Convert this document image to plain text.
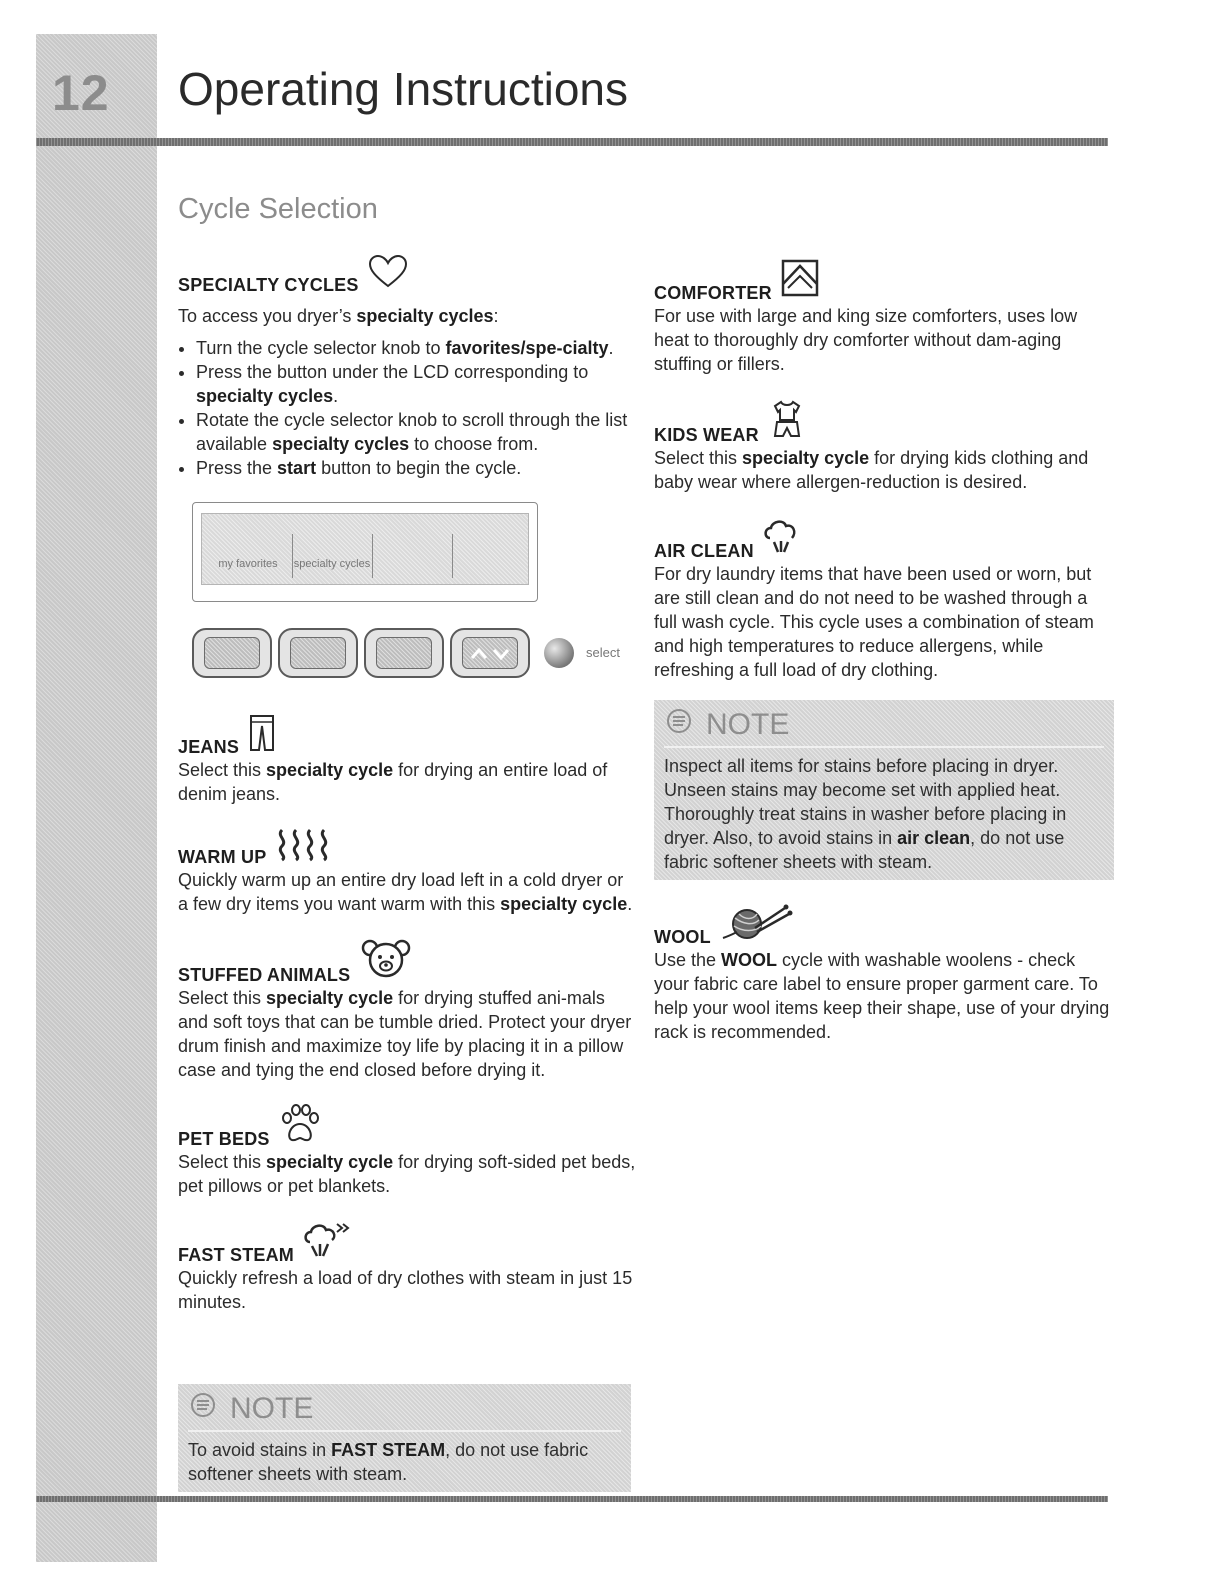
12 Operating Instructions
Cycle Selection
SPECIALTY CYCLES

To access you dryer’s specialty cycles:

• Turn the cycle selector knob to favorites/spe-cialty.
• Press the button under the LCD corresponding to specialty cycles.
• Rotate the cycle selector knob to scroll through the list available specialty cycles to choose from.
• Press the start button to begin the cycle.
my favorites	specialty cycles
select
JEANS

Select this specialty cycle for drying an entire load of denim jeans.

WARM UP

Quickly warm up an entire dry load left in a cold dryer or a few dry items you want warm with this specialty cycle.

STUFFED ANIMALS

Select this specialty cycle for drying stuffed ani-mals and soft toys that can be tumble dried. Protect your dryer drum finish and maximize toy life by placing it in a pillow case and tying the end closed before drying it.

PET BEDS

Select this specialty cycle for drying soft-sided pet beds, pet pillows or pet blankets.

FAST STEAM

Quickly refresh a load of dry clothes with steam in just 15 minutes.

COMFORTER

For use with large and king size comforters, uses low heat to thoroughly dry comforter without dam-aging stuffing or fillers.

KIDS WEAR

Select this specialty cycle for drying kids clothing and baby wear where allergen-reduction is desired.

AIR CLEAN

For dry laundry items that have been used or worn, but are still clean and do not need to be washed through a full wash cycle. This cycle uses a combination of steam and high temperatures to reduce allergens, while refreshing a full load of dry clothing.

NOTE

Inspect all items for stains before placing in dryer. Unseen stains may become set with applied heat. Thoroughly treat stains in washer before placing in dryer. Also, to avoid stains in air clean, do not use fabric softener sheets with steam.

WOOL

Use the WOOL cycle with washable woolens - check your fabric care label to ensure proper garment care. To help your wool items keep their shape, use of your drying rack is recommended.

NOTE

To avoid stains in FAST STEAM, do not use fabric softener sheets with steam.
